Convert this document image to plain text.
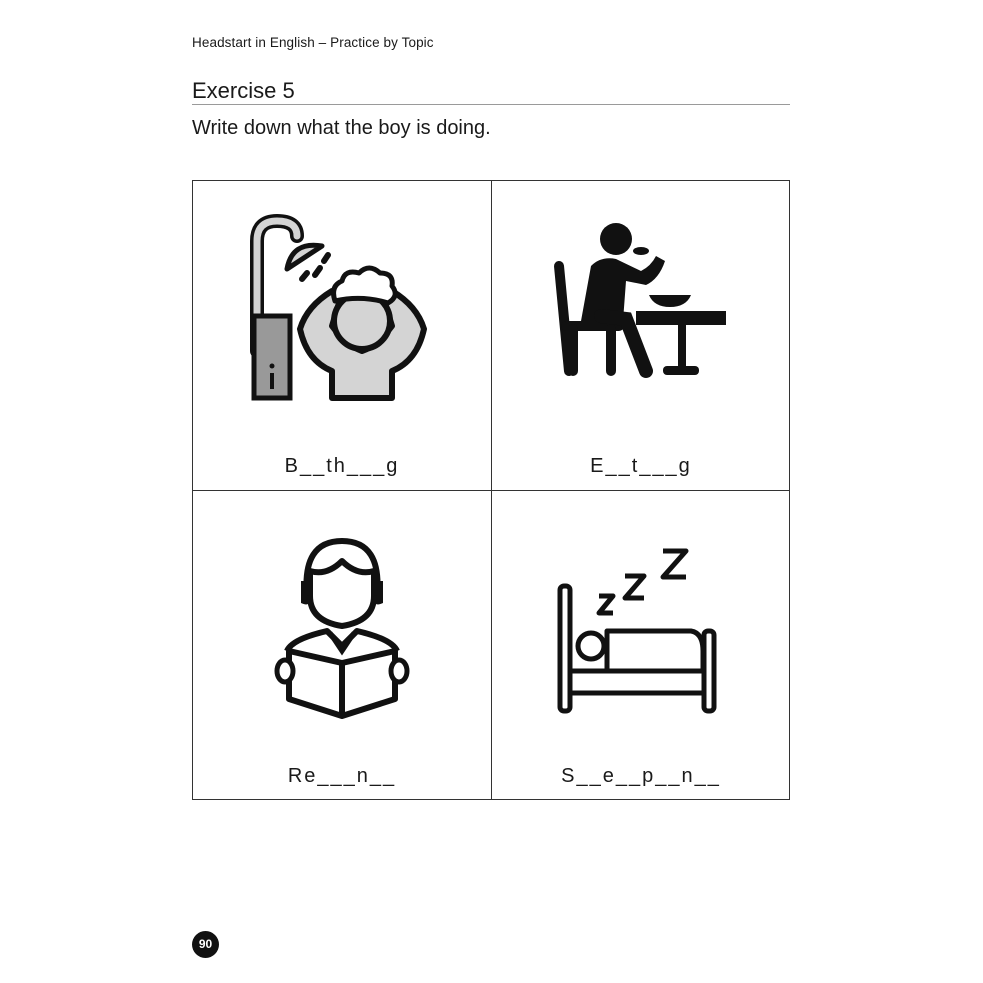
Headstart in English – Practice by Topic
Exercise 5
Write down what the boy is doing.
B__th___g	E__t___g
Re___n__	S__e__p__n__
90
